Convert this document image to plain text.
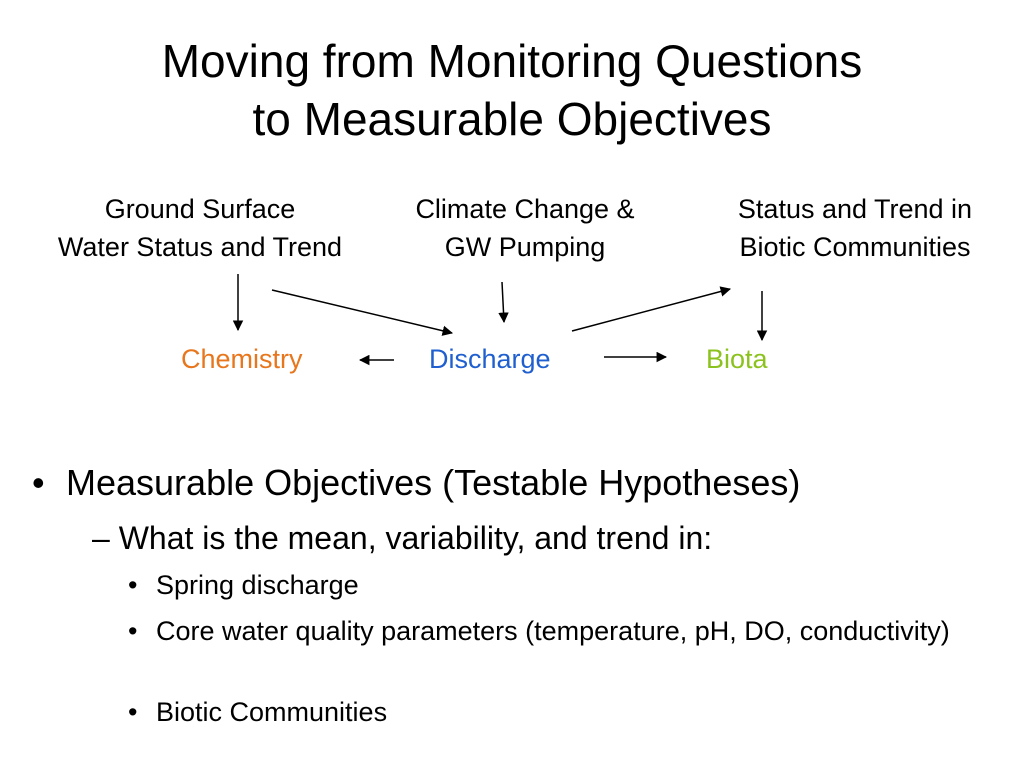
Moving from Monitoring Questions
to Measurable Objectives
Ground Surface
Water Status and Trend
Climate Change &
GW Pumping
Status and Trend in
Biotic Communities
Chemistry	Discharge	Biota
• Measurable Objectives (Testable Hypotheses)
– What is the mean, variability, and trend in:
• Spring discharge
• Core water quality parameters (temperature, pH, DO, conductivity)
• Biotic Communities
